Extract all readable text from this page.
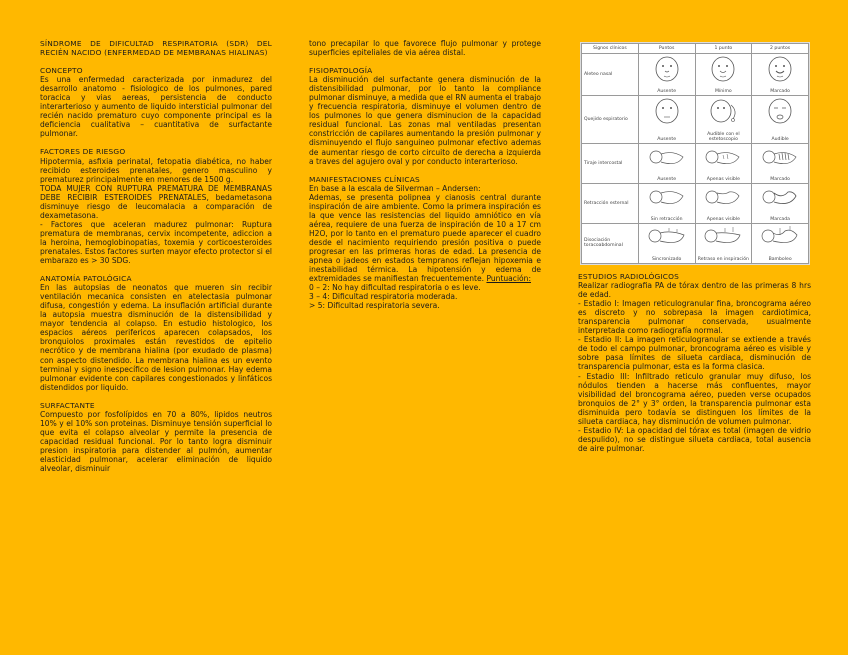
SÍNDROME DE DIFICULTAD RESPIRATORIA (SDR) DEL RECIÉN NACIDO (ENFERMEDAD DE MEMBRANAS HIALINAS)
CONCEPTO
Es una enfermedad caracterizada por inmadurez del desarrollo anatomo - fisiologico de los pulmones, pared toracica y vias aereas, persistencia de conducto interarterioso y aumento de liquido intersticial pulmonar del recién nacido prematuro cuyo componente principal es la deficiencia cualitativa – cuantitativa de surfactante pulmonar.
FACTORES DE RIESGO
Hipotermia, asfixia perinatal, fetopatia diabética, no haber recibido esteroides prenatales, genero masculino y prematurez principalmente en menores de 1500 g.
TODA MUJER CON RUPTURA PREMATURA DE MEMBRANAS DEBE RECIBIR ESTEROIDES PRENATALES, bedametasona disminuye riesgo de leucomalacia a comparación de dexametasona.
- Factores que aceleran madurez pulmonar: Ruptura prematura de membranas, cervix incompetente, adiccion a la heroina, hemoglobinopatias, toxemia y corticoesteroides prenatales. Estos factores surten mayor efecto protector si el embarazo es > 30 SDG.
ANATOMÍA PATOLÓGICA
En las autopsias de neonatos que mueren sin recibir ventilación mecanica consisten en atelectasia pulmonar difusa, congestión y edema. La insuflación artificial durante la autopsia muestra disminución de la distensibilidad y mayor tendencia al colapso. En estudio histologico, los espacios aéreos perifericos aparecen colapsados, los bronquiolos proximales están revestidos de epitelio necrótico y de membrana hialina (por exudado de plasma) con aspecto distendido. La membrana hialina es un evento terminal y signo inespecífico de lesion pulmonar. Hay edema pulmonar evidente con capilares congestionados y linfáticos distendidos por liquido.
SURFACTANTE
Compuesto por fosfolípidos en 70 a 80%, lipidos neutros 10% y el 10% son proteinas. Disminuye tensión superficial lo que evita el colapso alveolar y permite la presencia de capacidad residual funcional. Por lo tanto logra disminuir presion inspiratoria para distender al pulmón, aumentar elasticidad pulmonar, acelerar eliminación de liquido alveolar, disminuir
tono precapilar lo que favorece flujo pulmonar y protege superficies epiteliales de via aérea distal.
FISIOPATOLOGÍA
La disminución del surfactante genera disminución de la distensibilidad pulmonar, por lo tanto la compliance pulmonar disminuye, a medida que el RN aumenta el trabajo y frecuencia respiratoria, disminuye el volumen dentro de los pulmones lo que genera disminucion de la capacidad residual funcional. Las zonas mal ventiladas presentan constricción de capilares aumentando la presión pulmonar y disminuyendo el flujo sanguineo pulmonar efectivo ademas de aumentar riesgo de corto circuito de derecha a izquierda a traves del agujero oval y por conducto interarterioso.
MANIFESTACIONES CLÍNICAS
En base a la escala de Silverman – Andersen:
Ademas, se presenta polipnea y cianosis central durante inspiración de aire ambiente. Como la primera inspiración es la que vence las resistencias del liquido amniótico en vía aérea, requiere de una fuerza de inspiración de 10 a 17 cm H2O, por lo tanto en el prematuro puede aparecer el cuadro desde el nacimiento requiriendo presión positiva o puede progresar en las primeras horas de edad. La presencia de apnea o jadeos en estados tempranos reflejan hipoxemia e inestabilidad térmica. La hipotensión y edema de extremidades se manifiestan frecuentemente. Puntuación:
0 – 2: No hay dificultad respiratoria o es leve.
3 – 4: Dificultad respiratoria moderada.
> 5: Dificultad respiratoria severa.
Signos clínicos	Puntos	1 punto	2 puntos
Aleteo nasal	Ausente	Mínimo	Marcado

Quejido espiratorio	Ausente	Audible con el estetoscopio	Audible

Tiraje intercostal	Ausente	Apenas visible	Marcado

Retracción esternal	Sin retracción	Apenas visible	Marcada

Disociación toracoabdominal	Sincronizado	Retraso en inspiración	Bamboleo
ESTUDIOS RADIOLÓGICOS
Realizar radiografia PA de tórax dentro de las primeras 8 hrs de edad.
- Estadio I: Imagen reticulogranular fina, broncograma aéreo es discreto y no sobrepasa la imagen cardiotimica, transparencia pulmonar conservada, usualmente interpretada como radiografía normal.
- Estadio II: La imagen reticulogranular se extiende a través de todo el campo pulmonar, broncograma aéreo es visible y sobre pasa límites de silueta cardiaca, disminución de transparencia pulmonar, esta es la forma clasica.
- Estadio III: Infiltrado reticulo granular muy difuso, los nódulos tienden a hacerse más confluentes, mayor visibilidad del broncograma aéreo, pueden verse ocupados bronquios de 2° y 3° orden, la transparencia pulmonar esta disminuida pero todavía se distinguen los límites de la silueta cardiaca, hay disminución de volumen pulmonar.
- Estadio IV: La opacidad del tórax es total (imagen de vidrio despulido), no se distingue silueta cardiaca, total ausencia de aire pulmonar.
